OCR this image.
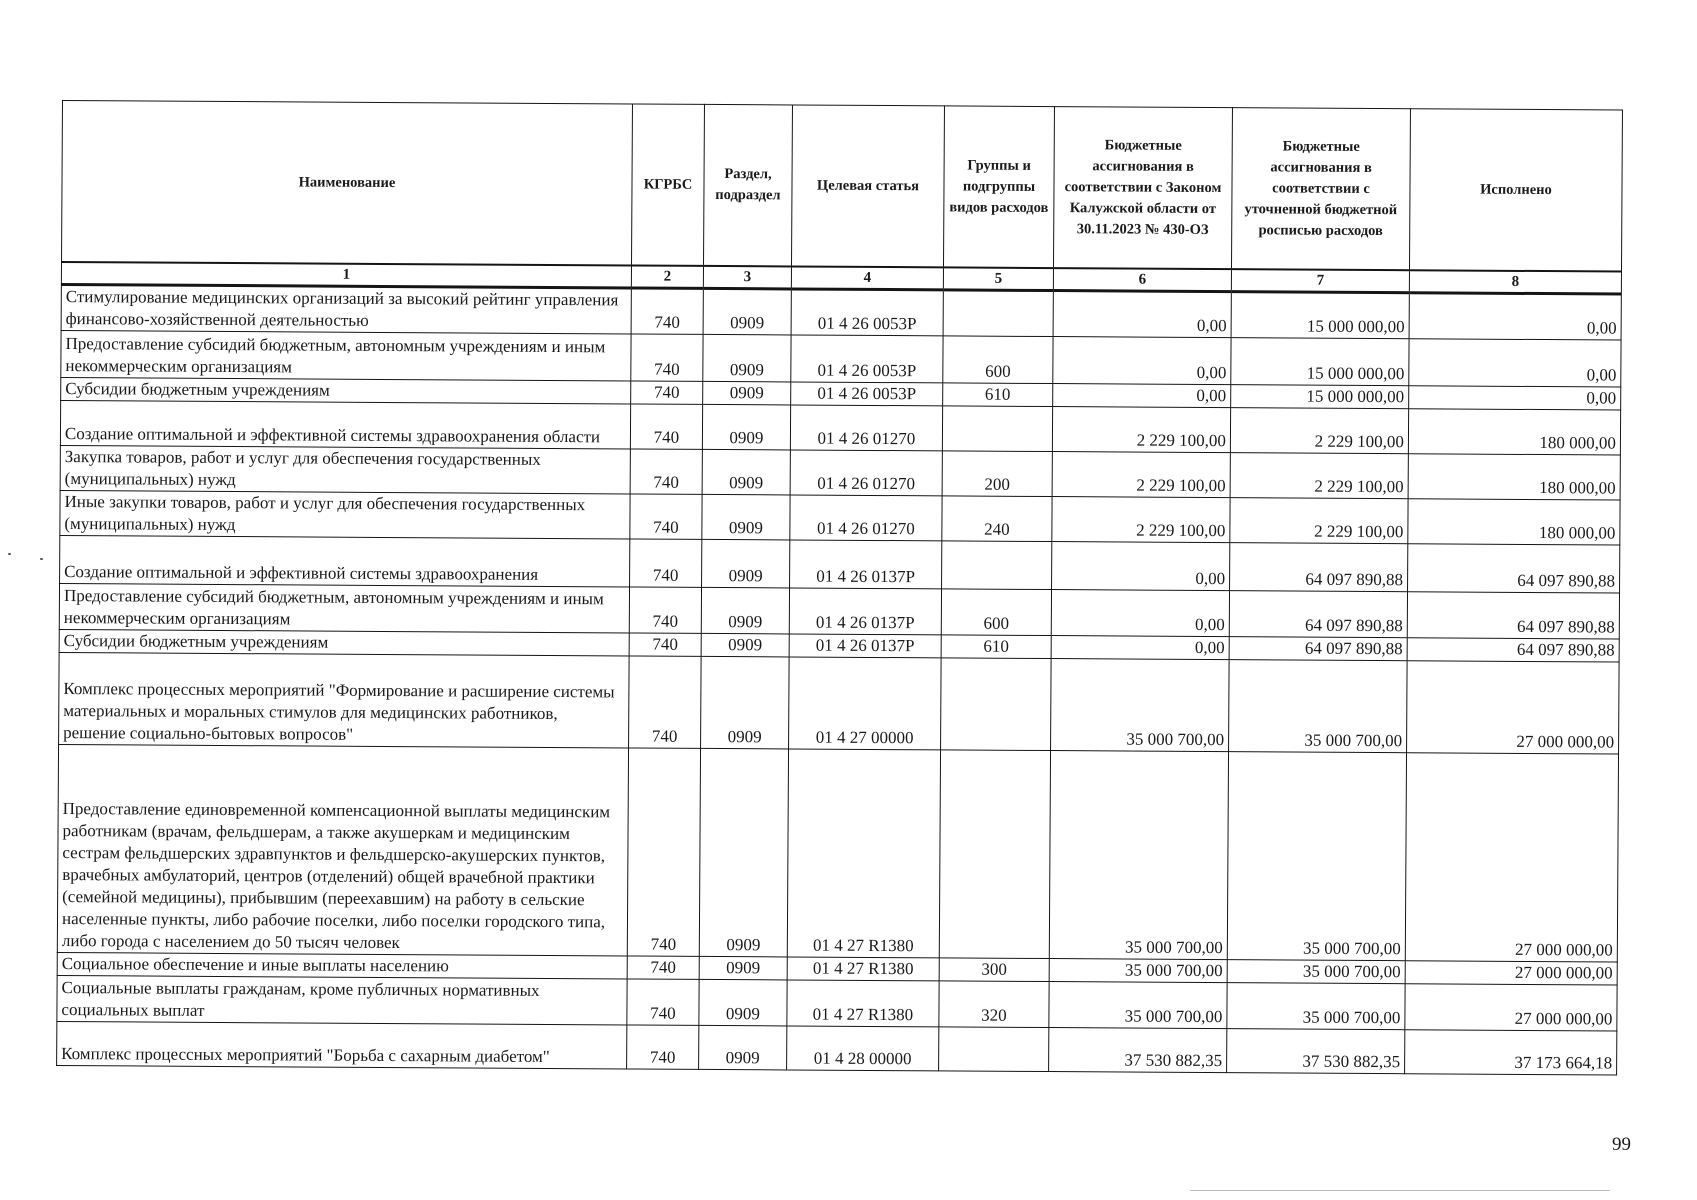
Наименование	КГРБС	Раздел, подраздел	Целевая статья	Группы и подгруппы видов расходов	Бюджетные ассигнования в соответствии с Законом Калужской области от 30.11.2023 № 430-ОЗ	Бюджетные ассигнования в соответствии с уточненной бюджетной росписью расходов	Исполнено
1	2	3	4	5	6	7	8
Стимулирование медицинских организаций за высокий рейтинг управления финансово-хозяйственной деятельностью	740	0909	01 4 26 0053P		0,00	15 000 000,00	0,00
Предоставление субсидий бюджетным, автономным учреждениям и иным некоммерческим организациям	740	0909	01 4 26 0053P	600	0,00	15 000 000,00	0,00
Субсидии бюджетным учреждениям	740	0909	01 4 26 0053P	610	0,00	15 000 000,00	0,00
Создание оптимальной и эффективной системы здравоохранения области	740	0909	01 4 26 01270		2 229 100,00	2 229 100,00	180 000,00
Закупка товаров, работ и услуг для обеспечения государственных (муниципальных) нужд	740	0909	01 4 26 01270	200	2 229 100,00	2 229 100,00	180 000,00
Иные закупки товаров, работ и услуг для обеспечения государственных (муниципальных) нужд	740	0909	01 4 26 01270	240	2 229 100,00	2 229 100,00	180 000,00
Создание оптимальной и эффективной системы здравоохранения	740	0909	01 4 26 0137P		0,00	64 097 890,88	64 097 890,88
Предоставление субсидий бюджетным, автономным учреждениям и иным некоммерческим организациям	740	0909	01 4 26 0137P	600	0,00	64 097 890,88	64 097 890,88
Субсидии бюджетным учреждениям	740	0909	01 4 26 0137P	610	0,00	64 097 890,88	64 097 890,88
Комплекс процессных мероприятий "Формирование и расширение системы материальных и моральных стимулов для медицинских работников, решение социально-бытовых вопросов"	740	0909	01 4 27 00000		35 000 700,00	35 000 700,00	27 000 000,00
Предоставление единовременной компенсационной выплаты медицинским работникам (врачам, фельдшерам, а также акушеркам и медицинским сестрам фельдшерских здравпунктов и фельдшерско-акушерских пунктов, врачебных амбулаторий, центров (отделений) общей врачебной практики (семейной медицины), прибывшим (переехавшим) на работу в сельские населенные пункты, либо рабочие поселки, либо поселки городского типа, либо города с населением до 50 тысяч человек	740	0909	01 4 27 R1380		35 000 700,00	35 000 700,00	27 000 000,00
Социальное обеспечение и иные выплаты населению	740	0909	01 4 27 R1380	300	35 000 700,00	35 000 700,00	27 000 000,00
Социальные выплаты гражданам, кроме публичных нормативных социальных выплат	740	0909	01 4 27 R1380	320	35 000 700,00	35 000 700,00	27 000 000,00
Комплекс процессных мероприятий "Борьба с сахарным диабетом"	740	0909	01 4 28 00000		37 530 882,35	37 530 882,35	37 173 664,18
99
